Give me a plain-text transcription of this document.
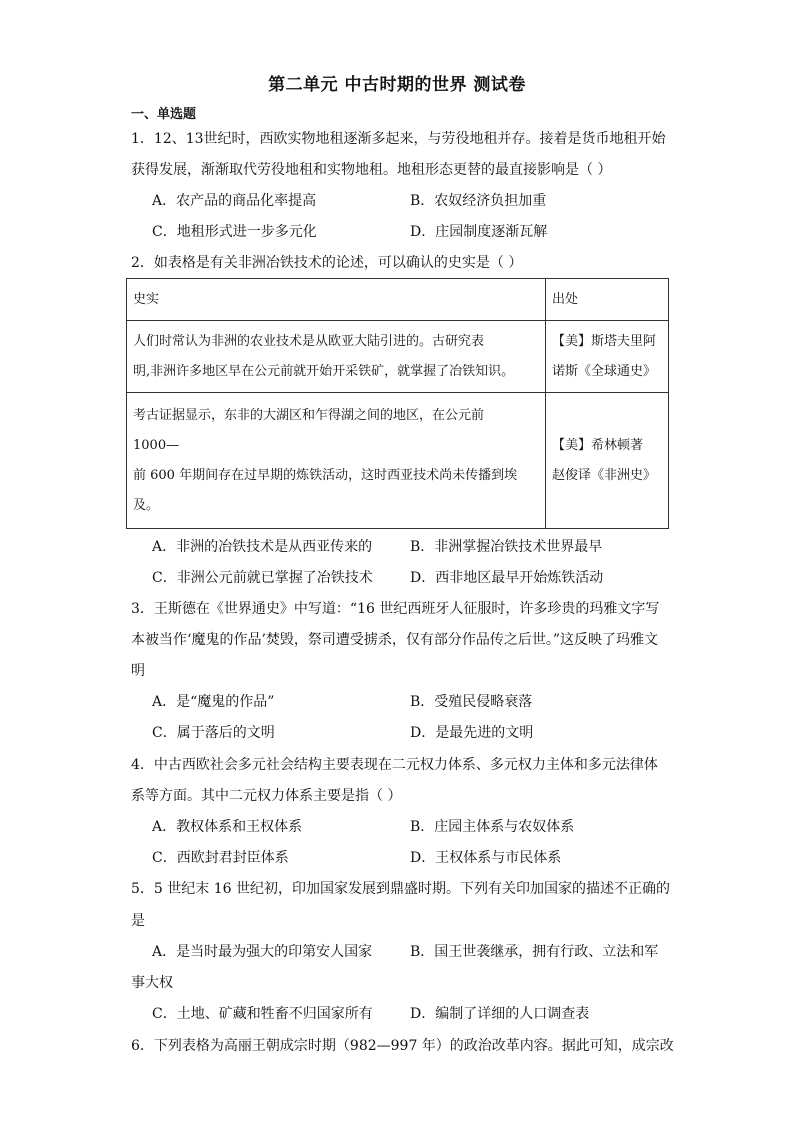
第二单元 中古时期的世界 测试卷
一、单选题
1．12、13世纪时，西欧实物地租逐渐多起来，与劳役地租并存。接着是货币地租开始
获得发展，渐渐取代劳役地租和实物地租。地租形态更替的最直接影响是（ ）
A．农产品的商品化率提高	B．农奴经济负担加重
C．地租形式进一步多元化	D．庄园制度逐渐瓦解
2．如表格是有关非洲冶铁技术的论述，可以确认的史实是（ ）
史实	出处

人们时常认为非洲的农业技术是从欧亚大陆引进的。古研究表
明,非洲许多地区早在公元前就开始开采铁矿，就掌握了冶铁知识。	【美】斯塔夫里阿
诺斯《全球通史》

考古证据显示，东非的大湖区和乍得湖之间的地区，在公元前
1000—
前 600 年期间存在过早期的炼铁活动，这时西亚技术尚未传播到埃
及。	【美】希林顿著
赵俊译《非洲史》
A．非洲的冶铁技术是从西亚传来的	B．非洲掌握冶铁技术世界最早
C．非洲公元前就已掌握了冶铁技术	D．西非地区最早开始炼铁活动
3．王斯德在《世界通史》中写道：“16 世纪西班牙人征服时，许多珍贵的玛雅文字写
本被当作‘魔鬼的作品’焚毁，祭司遭受掳杀，仅有部分作品传之后世。”这反映了玛雅文
明
A．是“魔鬼的作品”	B．受殖民侵略衰落
C．属于落后的文明	D．是最先进的文明
4．中古西欧社会多元社会结构主要表现在二元权力体系、多元权力主体和多元法律体
系等方面。其中二元权力体系主要是指（ ）
A．教权体系和王权体系	B．庄园主体系与农奴体系
C．西欧封君封臣体系	D．王权体系与市民体系
5．5 世纪末 16 世纪初，印加国家发展到鼎盛时期。下列有关印加国家的描述不正确的
是
A．是当时最为强大的印第安人国家	B．国王世袭继承，拥有行政、立法和军
事大权
C．土地、矿藏和牲畜不归国家所有	D．编制了详细的人口调查表
6．下列表格为高丽王朝成宗时期（982—997 年）的政治改革内容。据此可知，成宗改
